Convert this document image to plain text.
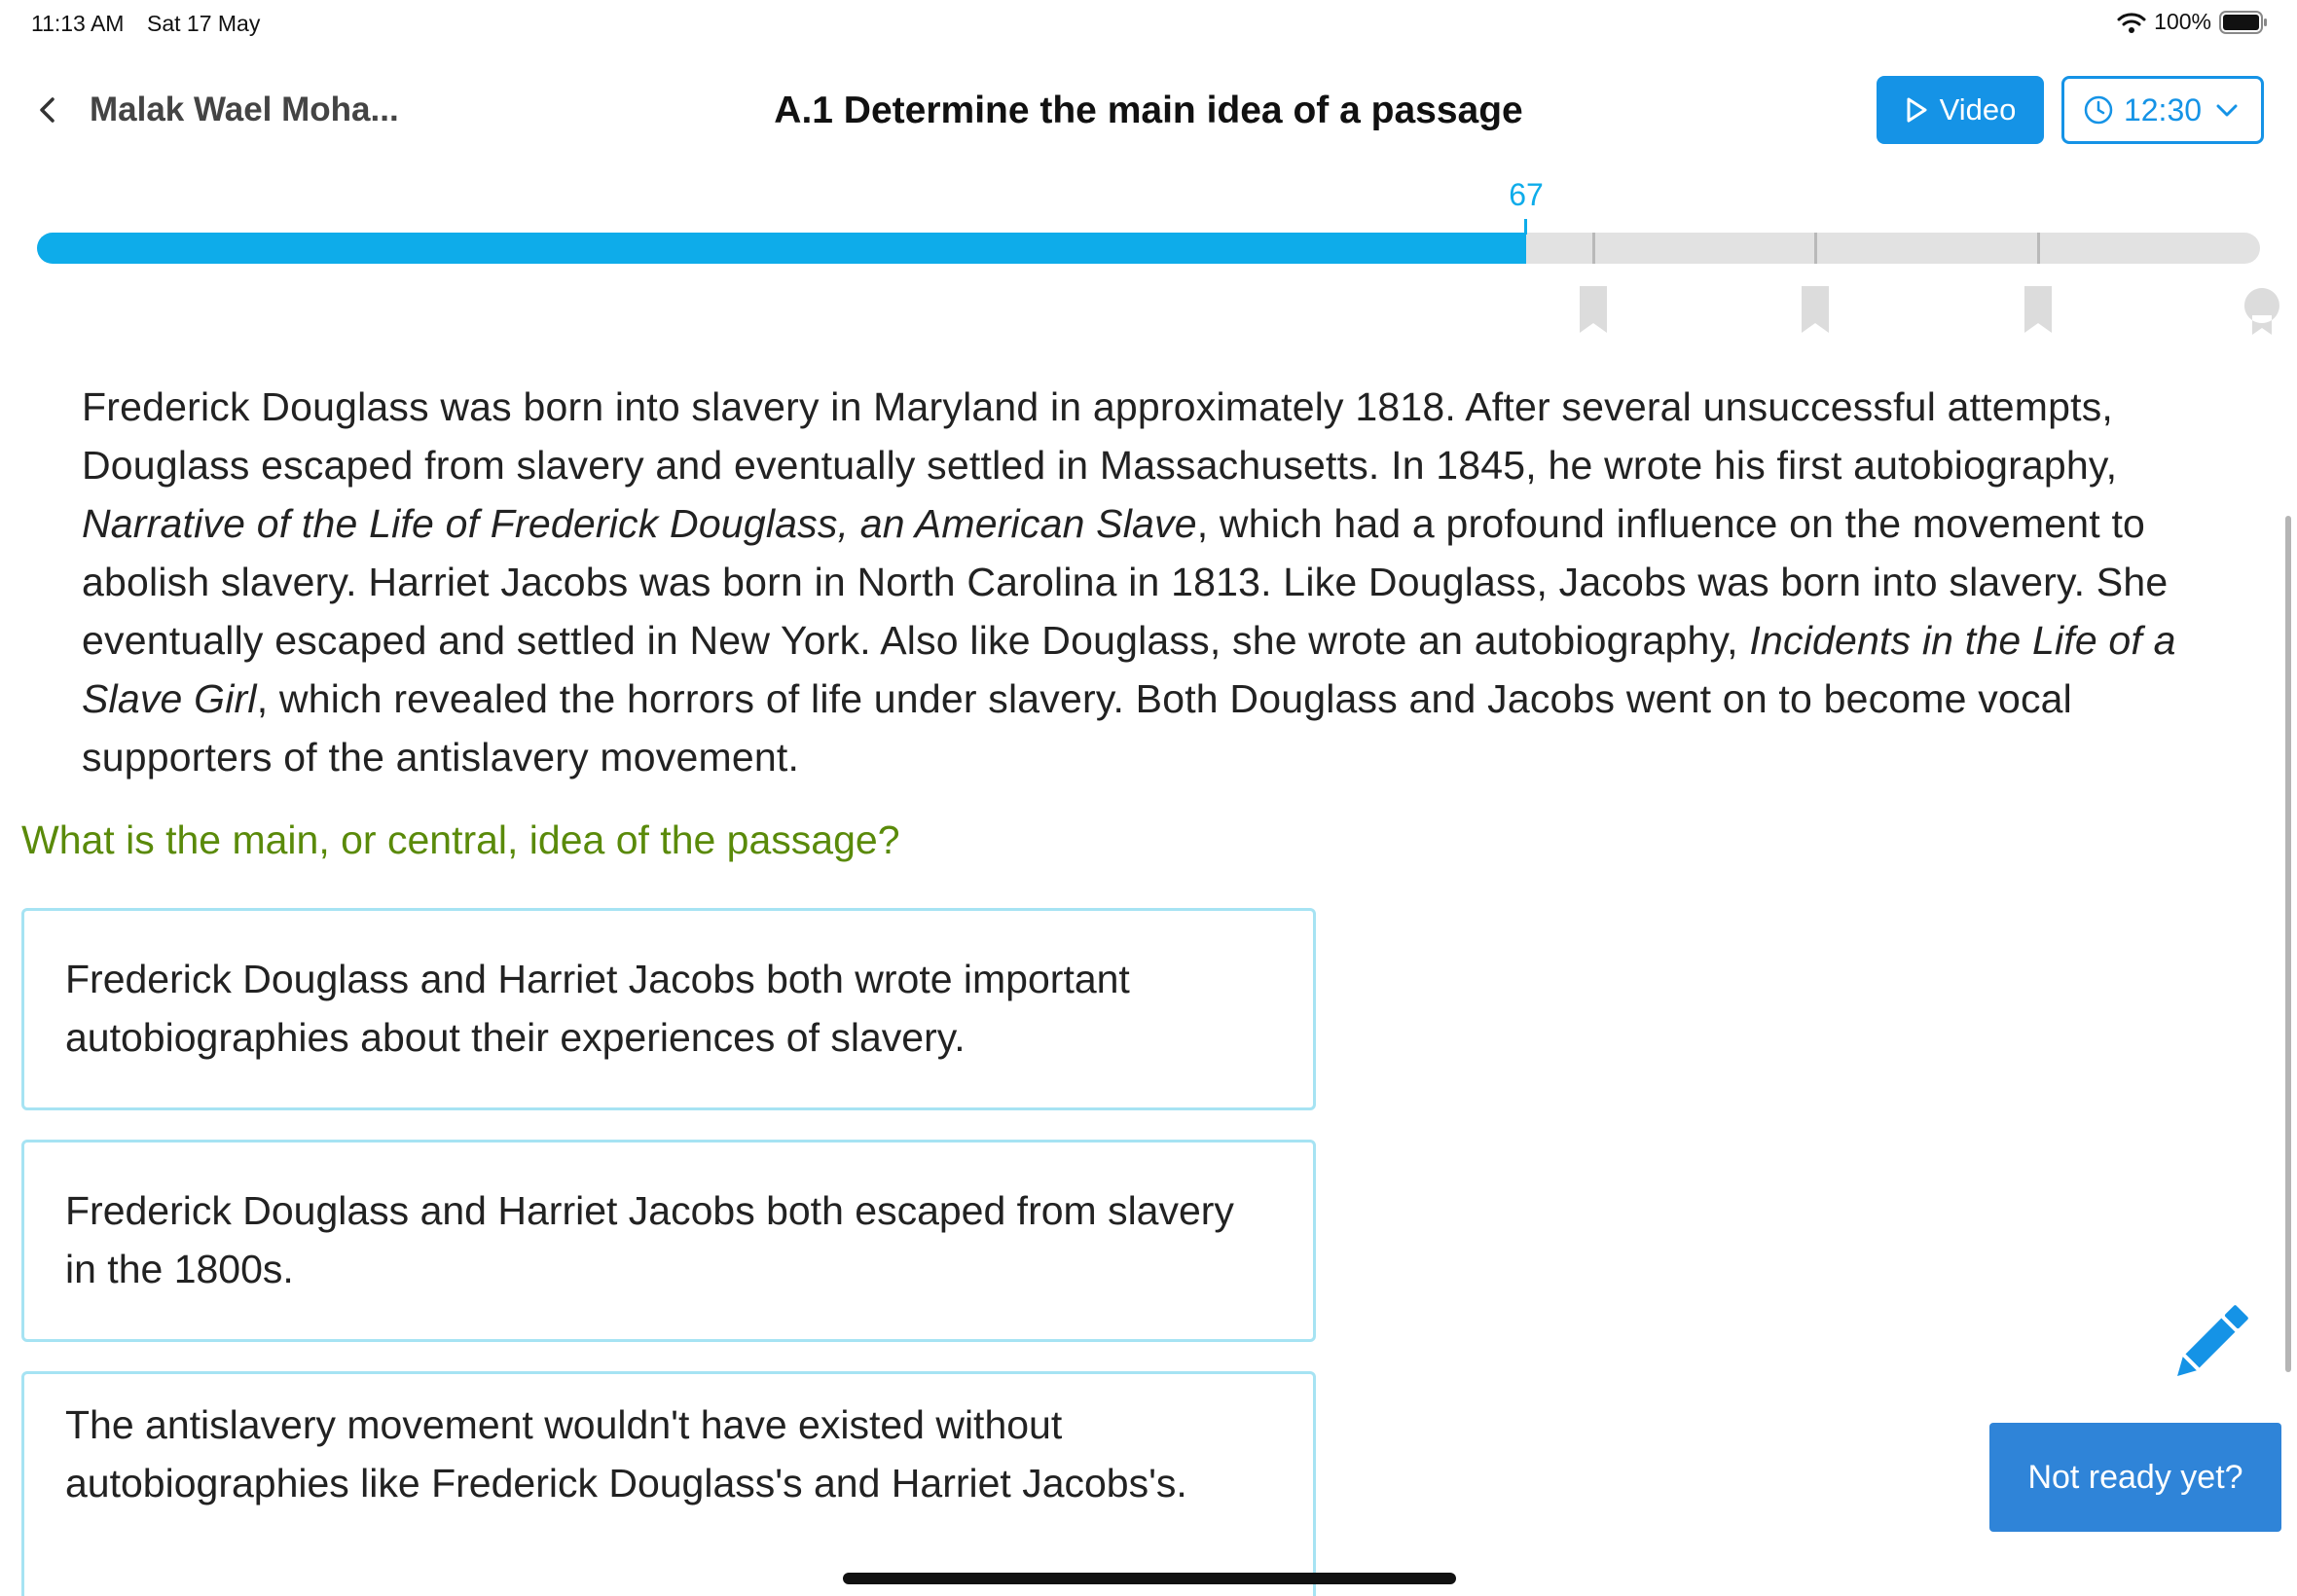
11:13 AM Sat 17 May	100%
Malak Wael Moha...	A.1 Determine the main idea of a passage	Video	12:30
67
Frederick Douglass was born into slavery in Maryland in approximately 1818. After several unsuccessful attempts, Douglass escaped from slavery and eventually settled in Massachusetts. In 1845, he wrote his first autobiography, Narrative of the Life of Frederick Douglass, an American Slave, which had a profound influence on the movement to abolish slavery. Harriet Jacobs was born in North Carolina in 1813. Like Douglass, Jacobs was born into slavery. She eventually escaped and settled in New York. Also like Douglass, she wrote an autobiography, Incidents in the Life of a Slave Girl, which revealed the horrors of life under slavery. Both Douglass and Jacobs went on to become vocal supporters of the antislavery movement.
What is the main, or central, idea of the passage?
Frederick Douglass and Harriet Jacobs both wrote important autobiographies about their experiences of slavery.
Frederick Douglass and Harriet Jacobs both escaped from slavery in the 1800s.
The antislavery movement wouldn't have existed without autobiographies like Frederick Douglass's and Harriet Jacobs's.	Not ready yet?
